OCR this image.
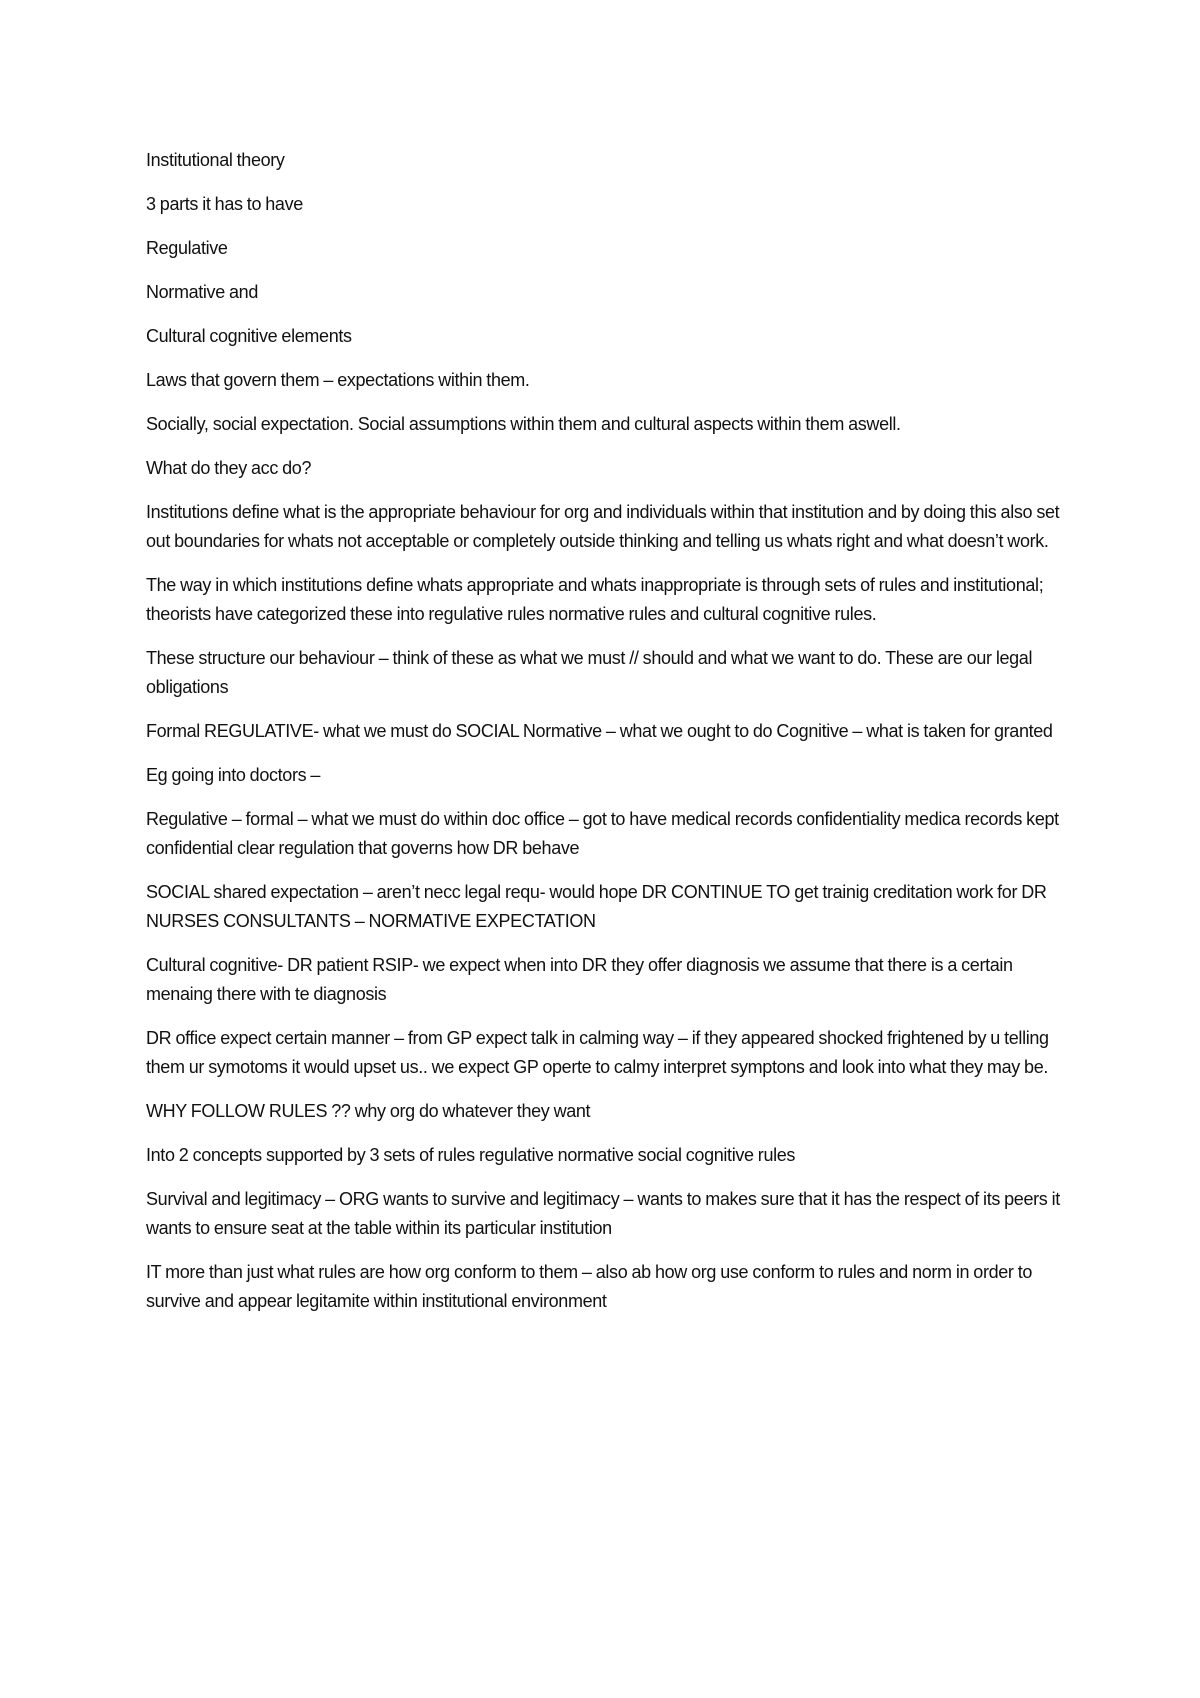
Institutional theory

3 parts it has to have

Regulative

Normative and

Cultural cognitive elements

Laws that govern them – expectations within them.

Socially, social expectation. Social assumptions within them and cultural aspects within them aswell.

What do they acc do?

Institutions define what is the appropriate behaviour for org and individuals within that institution and by doing this also set out boundaries for whats not acceptable or completely outside thinking and telling us whats right and what doesn’t work.

The way in which institutions define whats appropriate and whats inappropriate is through sets of rules and institutional; theorists have categorized these into regulative rules normative rules and cultural cognitive rules.

These structure our behaviour – think of these as what we must // should and what we want to do. These are our legal obligations

Formal REGULATIVE- what we must do SOCIAL Normative – what we ought to do Cognitive – what is taken for granted

Eg going into doctors –

Regulative – formal – what we must do within doc office – got to have medical records confidentiality medica records kept confidential clear regulation that governs how DR behave

SOCIAL shared expectation – aren’t necc legal requ- would hope DR CONTINUE TO get trainig creditation work for DR NURSES CONSULTANTS – NORMATIVE EXPECTATION

Cultural cognitive- DR patient RSIP- we expect when into DR they offer diagnosis we assume that there is a certain menaing there with te diagnosis

DR office expect certain manner – from GP expect talk in calming way – if they appeared shocked frightened by u telling them ur symotoms it would upset us.. we expect GP operte to calmy interpret symptons and look into what they may be.

WHY FOLLOW RULES ?? why org do whatever they want

Into 2 concepts supported by 3 sets of rules regulative normative social cognitive rules

Survival and legitimacy – ORG wants to survive and legitimacy – wants to makes sure that it has the respect of its peers it wants to ensure seat at the table within its particular institution

IT more than just what rules are how org conform to them – also ab how org use conform to rules and norm in order to survive and appear legitamite within institutional environment
